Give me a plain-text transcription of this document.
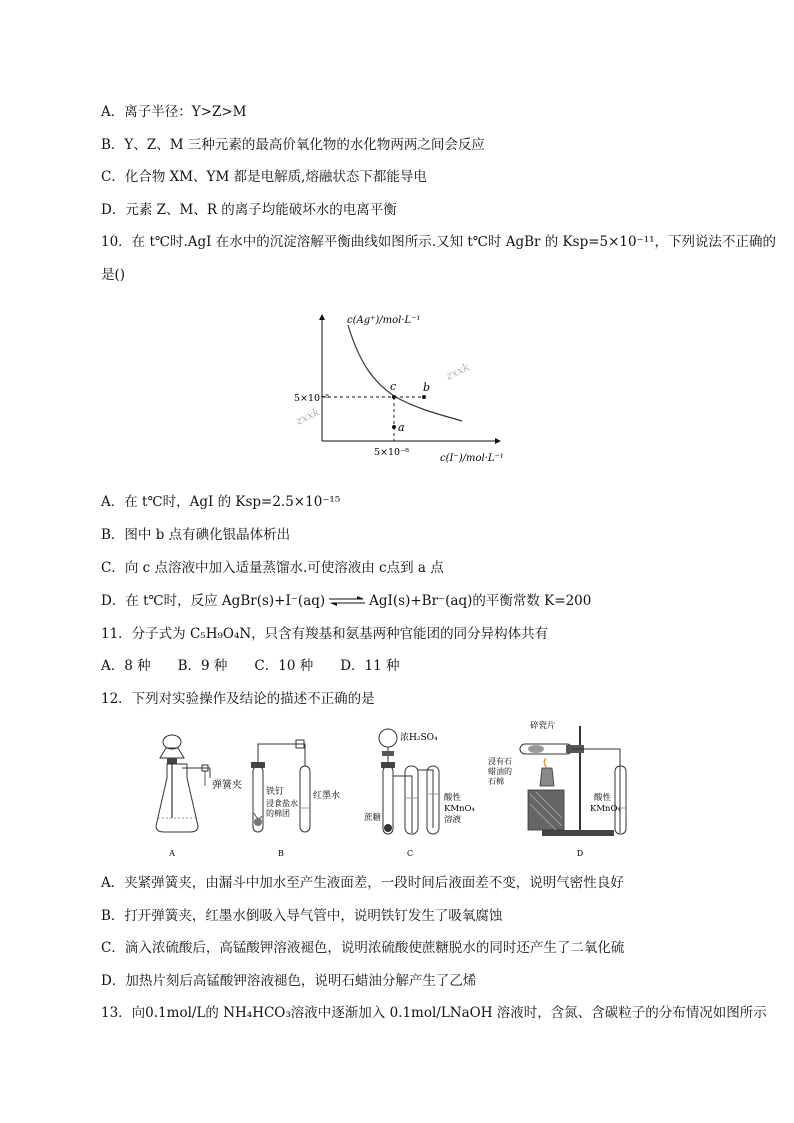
A．离子半径：Y>Z>M
B．Y、Z、M 三种元素的最高价氧化物的水化物两两之间会反应
C．化合物 XM、YM 都是电解质,熔融状态下都能导电
D．元素 Z、M、R 的离子均能破坏水的电离平衡
10．在 t℃时.AgI 在水中的沉淀溶解平衡曲线如图所示.又知 t℃时 AgBr 的 Ksp=5×10⁻¹¹，下列说法不正确的
是()
zxxk
zxxk
c(Ag⁺)/mol·L⁻¹
c(I⁻)/mol·L⁻¹
5×10⁻⁸
5×10⁻⁸
c b
a
A．在 t℃时，AgI 的 Ksp=2.5×10⁻¹⁵
B．图中 b 点有碘化银晶体析出
C．向 c 点溶液中加入适量蒸馏水.可使溶液由 c点到 a 点
D．在 t℃时，反应 AgBr(s)+I⁻(aq) ⇌ AgI(s)+Br⁻(aq)的平衡常数 K=200
11．分子式为 C₅H₉O₄N，只含有羧基和氨基两种官能团的同分异构体共有
A．8 种　　B．9 种　　C．10 种　　D．11 种
12．下列对实验操作及结论的描述不正确的是
弹簧夹
A
铁钉
浸食盐水
的棉团
红墨水
B
浓H₂SO₄
蔗糖
酸性
KMnO₄
溶液
C
碎瓷片
浸有石
蜡油的
石棉
酸性
KMnO₄
D
A．夹紧弹簧夹，由漏斗中加水至产生液面差，一段时间后液面差不变，说明气密性良好
B．打开弹簧夹，红墨水倒吸入导气管中，说明铁钉发生了吸氧腐蚀
C．滴入浓硫酸后，高锰酸钾溶液褪色，说明浓硫酸使蔗糖脱水的同时还产生了二氧化硫
D．加热片刻后高锰酸钾溶液褪色，说明石蜡油分解产生了乙烯
13．向0.1mol/L的 NH₄HCO₃溶液中逐渐加入 0.1mol/LNaOH 溶液时，含氮、含碳粒子的分布情况如图所示
